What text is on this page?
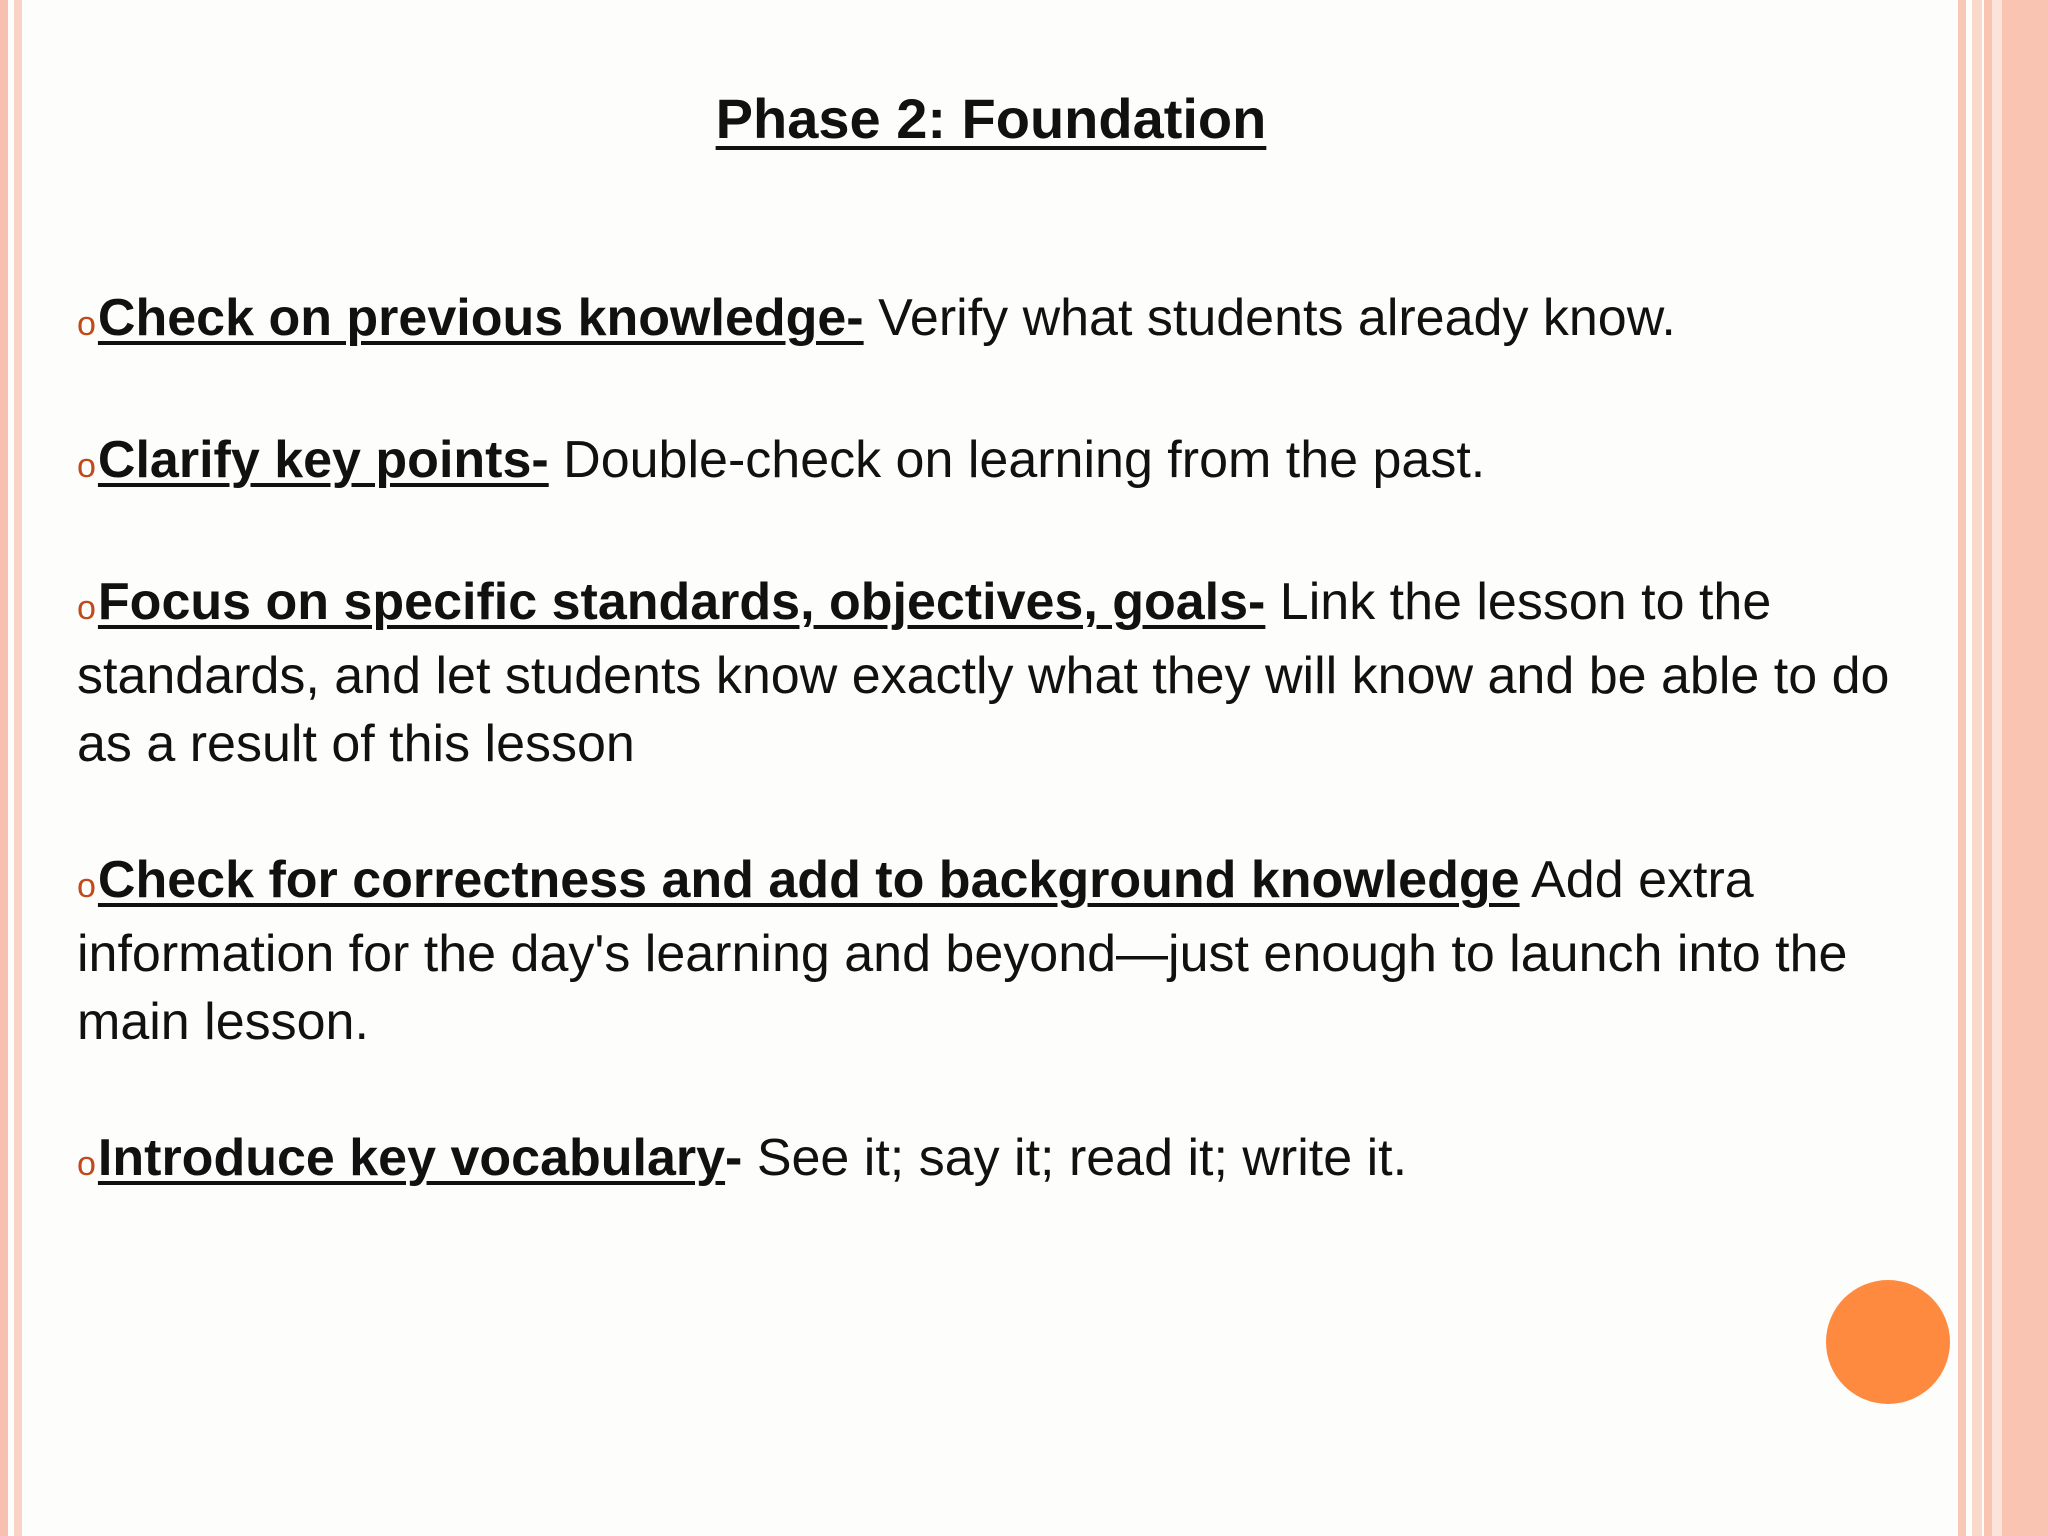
Phase 2: Foundation

oCheck on previous knowledge- Verify what students already know.

oClarify key points- Double-check on learning from the past.

oFocus on specific standards, objectives, goals- Link the lesson to the standards, and let students know exactly what they will know and be able to do as a result of this lesson

oCheck for correctness and add to background knowledge Add extra information for the day's learning and beyond—just enough to launch into the main lesson.

oIntroduce key vocabulary- See it; say it; read it; write it.
